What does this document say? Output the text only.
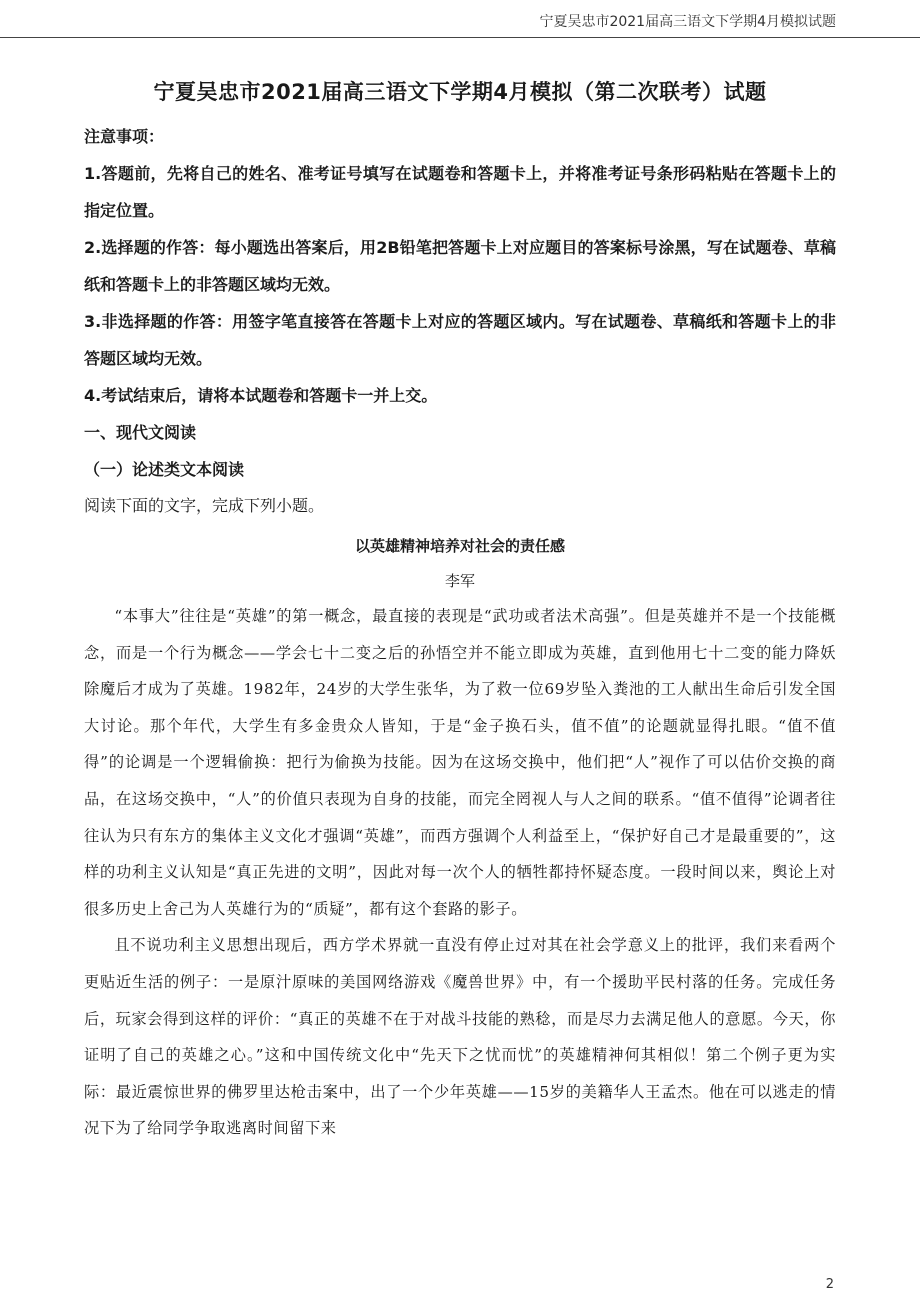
宁夏吴忠市2021届高三语文下学期4月模拟试题
宁夏吴忠市2021届高三语文下学期4月模拟（第二次联考）试题

注意事项：

1.答题前，先将自己的姓名、准考证号填写在试题卷和答题卡上，并将准考证号条形码粘贴在答题卡上的指定位置。

2.选择题的作答：每小题选出答案后，用2B铅笔把答题卡上对应题目的答案标号涂黑，写在试题卷、草稿纸和答题卡上的非答题区域均无效。

3.非选择题的作答：用签字笔直接答在答题卡上对应的答题区域内。写在试题卷、草稿纸和答题卡上的非答题区域均无效。

4.考试结束后，请将本试题卷和答题卡一并上交。

一、现代文阅读

（一）论述类文本阅读

阅读下面的文字，完成下列小题。

以英雄精神培养对社会的责任感

李军

“本事大”往往是“英雄”的第一概念，最直接的表现是“武功或者法术高强”。但是英雄并不是一个技能概念，而是一个行为概念——学会七十二变之后的孙悟空并不能立即成为英雄，直到他用七十二变的能力降妖除魔后才成为了英雄。1982年，24岁的大学生张华，为了救一位69岁坠入粪池的工人献出生命后引发全国大讨论。那个年代，大学生有多金贵众人皆知，于是“金子换石头，值不值”的论题就显得扎眼。“值不值得”的论调是一个逻辑偷换：把行为偷换为技能。因为在这场交换中，他们把“人”视作了可以估价交换的商品，在这场交换中，“人”的价值只表现为自身的技能，而完全罔视人与人之间的联系。“值不值得”论调者往往认为只有东方的集体主义文化才强调“英雄”，而西方强调个人利益至上，“保护好自己才是最重要的”，这样的功利主义认知是“真正先进的文明”，因此对每一次个人的牺牲都持怀疑态度。一段时间以来，舆论上对很多历史上舍己为人英雄行为的“质疑”，都有这个套路的影子。

且不说功利主义思想出现后，西方学术界就一直没有停止过对其在社会学意义上的批评，我们来看两个更贴近生活的例子：一是原汁原味的美国网络游戏《魔兽世界》中，有一个援助平民村落的任务。完成任务后，玩家会得到这样的评价：“真正的英雄不在于对战斗技能的熟稔，而是尽力去满足他人的意愿。今天，你证明了自己的英雄之心。”这和中国传统文化中“先天下之忧而忧”的英雄精神何其相似！第二个例子更为实际：最近震惊世界的佛罗里达枪击案中，出了一个少年英雄——15岁的美籍华人王孟杰。他在可以逃走的情况下为了给同学争取逃离时间留下来

2
